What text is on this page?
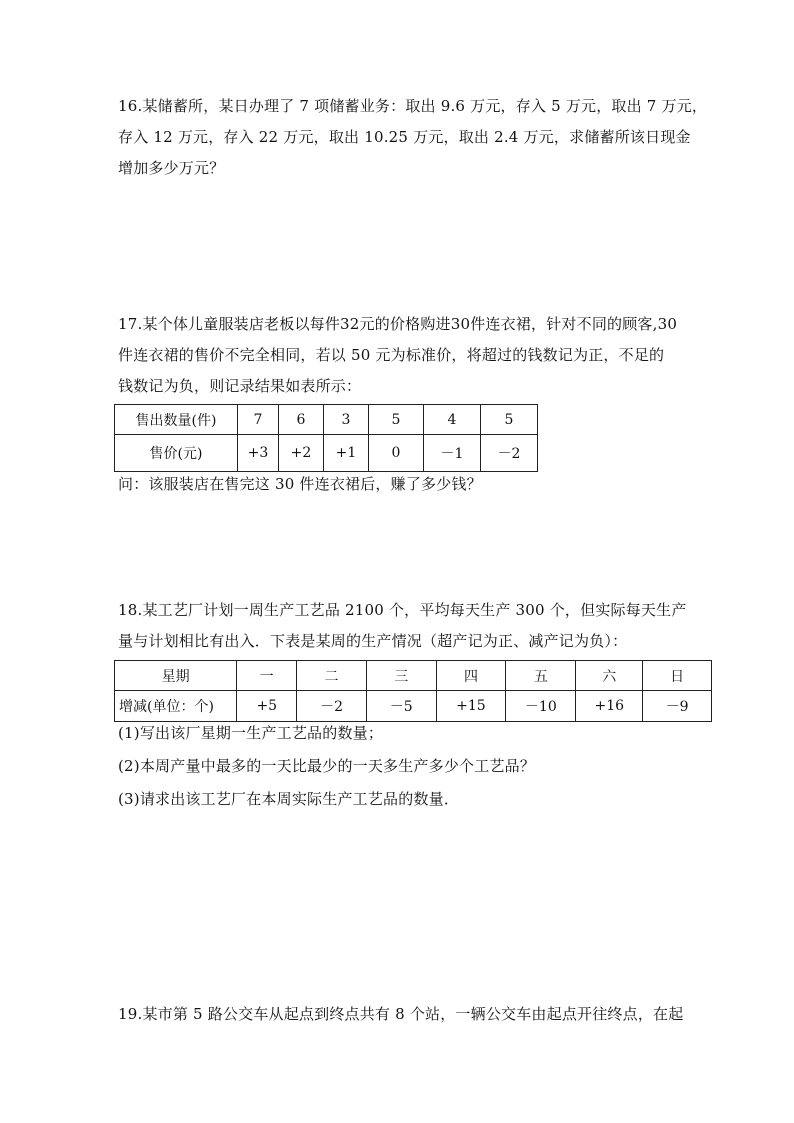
16.某储蓄所，某日办理了 7 项储蓄业务：取出 9.6 万元，存入 5 万元，取出 7 万元，
存入 12 万元，存入 22 万元，取出 10.25 万元，取出 2.4 万元，求储蓄所该日现金
增加多少万元？
17.某个体儿童服装店老板以每件32元的价格购进30件连衣裙，针对不同的顾客,30
件连衣裙的售价不完全相同，若以 50 元为标准价，将超过的钱数记为正，不足的
钱数记为负，则记录结果如表所示：
售出数量(件)	7	6	3	5	4	5
售价(元)	+3	+2	+1	0	－1	－2
问：该服装店在售完这 30 件连衣裙后，赚了多少钱？
18.某工艺厂计划一周生产工艺品 2100 个，平均每天生产 300 个，但实际每天生产
量与计划相比有出入．下表是某周的生产情况（超产记为正、减产记为负）：
星期	一	二	三	四	五	六	日
增减(单位：个)	+5	－2	－5	+15	－10	+16	－9
(1)写出该厂星期一生产工艺品的数量；
(2)本周产量中最多的一天比最少的一天多生产多少个工艺品？
(3)请求出该工艺厂在本周实际生产工艺品的数量．
19.某市第 5 路公交车从起点到终点共有 8 个站，一辆公交车由起点开往终点，在起
